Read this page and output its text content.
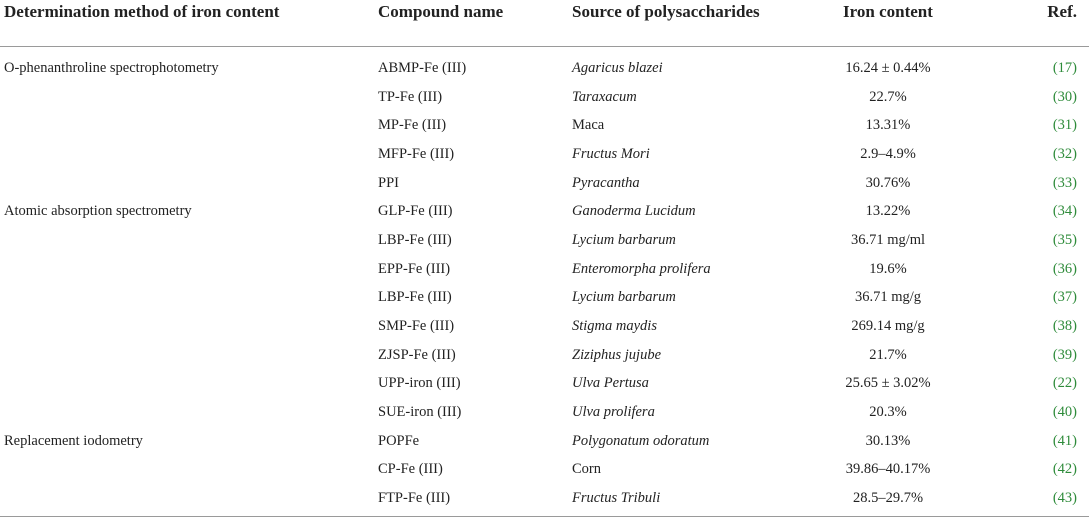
Determination method of iron content	Compound name	Source of polysaccharides	Iron content	Ref.

O-phenanthroline spectrophotometry	ABMP-Fe (III)	Agaricus blazei	16.24 ± 0.44%	(17)
	TP-Fe (III)	Taraxacum	22.7%	(30)
	MP-Fe (III)	Maca	13.31%	(31)
	MFP-Fe (III)	Fructus Mori	2.9–4.9%	(32)
	PPI	Pyracantha	30.76%	(33)
Atomic absorption spectrometry	GLP-Fe (III)	Ganoderma Lucidum	13.22%	(34)
	LBP-Fe (III)	Lycium barbarum	36.71 mg/ml	(35)
	EPP-Fe (III)	Enteromorpha prolifera	19.6%	(36)
	LBP-Fe (III)	Lycium barbarum	36.71 mg/g	(37)
	SMP-Fe (III)	Stigma maydis	269.14 mg/g	(38)
	ZJSP-Fe (III)	Ziziphus jujube	21.7%	(39)
	UPP-iron (III)	Ulva Pertusa	25.65 ± 3.02%	(22)
	SUE-iron (III)	Ulva prolifera	20.3%	(40)
Replacement iodometry	POPFe	Polygonatum odoratum	30.13%	(41)
	CP-Fe (III)	Corn	39.86–40.17%	(42)
	FTP-Fe (III)	Fructus Tribuli	28.5–29.7%	(43)
